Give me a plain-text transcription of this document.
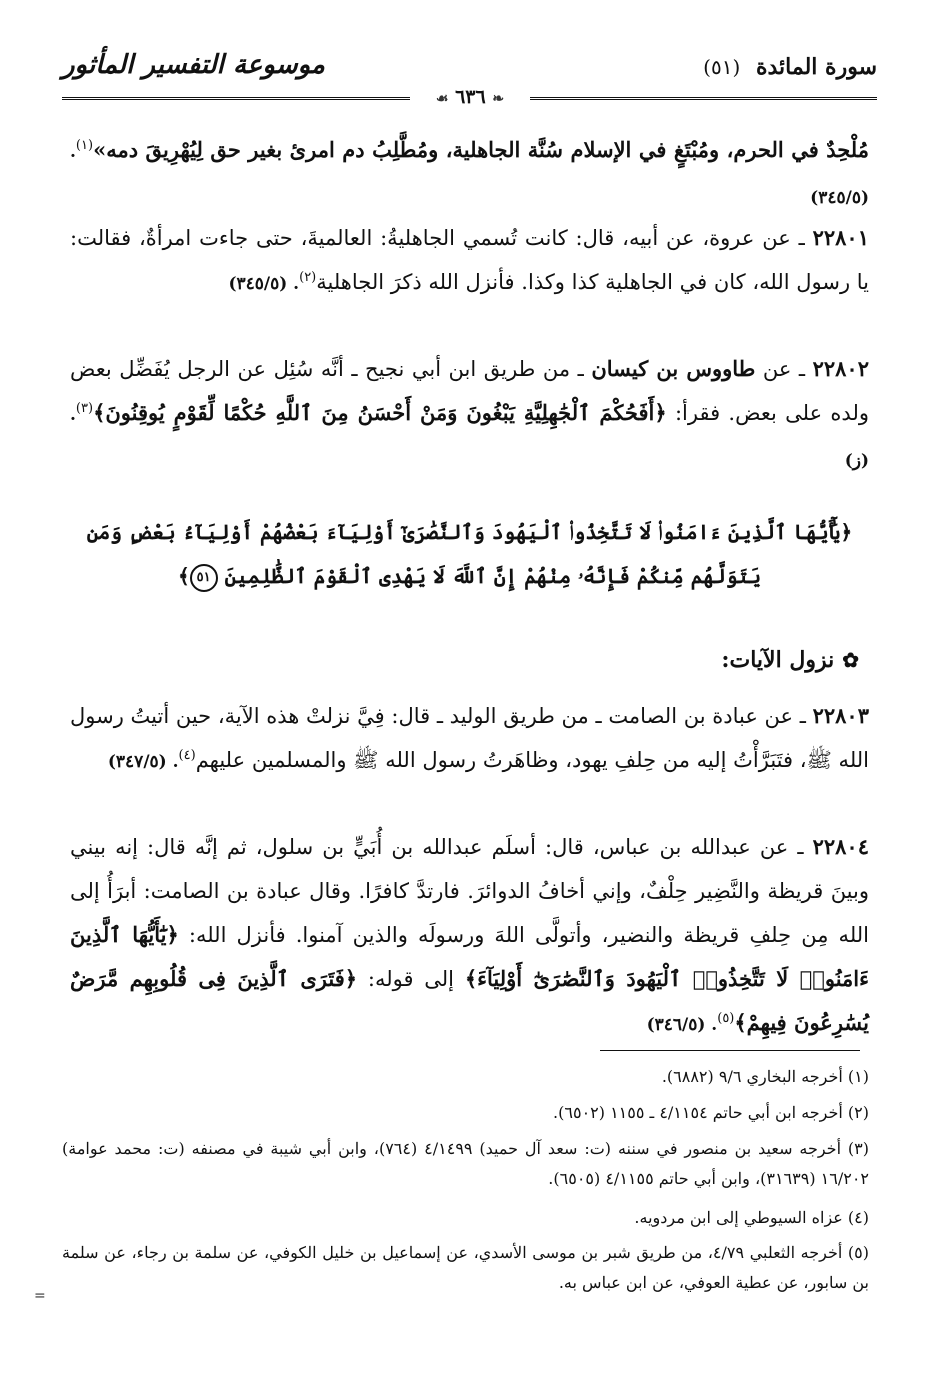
سورة المائدة (٥١)
موسوعة التفسير المأثور
❧ ٦٣٦ ☙
مُلْحِدٌ في الحرم، ومُبْتَغٍ في الإسلام سُنَّة الجاهلية، ومُطَّلِبُ دم امرئ بغير حق لِيُهْرِيقَ دمه»$^{(١)}$. (٣٤٥/٥)
٢٢٨٠١ ـ عن عروة، عن أبيه، قال: كانت تُسمي الجاهليةُ: العالميةَ، حتى جاءت امرأةٌ، فقالت: يا رسول الله، كان في الجاهلية كذا وكذا. فأنزل الله ذكرَ الجاهلية$^{(٢)}$. (٣٤٥/٥)
٢٢٨٠٢ ـ عن طاووس بن كيسان ـ من طريق ابن أبي نجيح ـ أنَّه سُئِل عن الرجل يُفَضِّل بعض ولده على بعض. فقرأ: ﴿أَفَحُكْمَ ٱلْجَٰهِلِيَّةِ يَبْغُونَ وَمَنْ أَحْسَنُ مِنَ ٱللَّهِ حُكْمًا لِّقَوْمٍ يُوقِنُونَ﴾$^{(٣)}$. (ز)
﴿يَٰٓأَيُّهَا ٱلَّذِينَ ءَامَنُوا۟ لَا تَتَّخِذُوا۟ ٱلْيَهُودَ وَٱلنَّصَٰرَىٰٓ أَوْلِيَآءَ بَعْضُهُمْ أَوْلِيَآءُ بَعْضٍ وَمَن يَتَوَلَّهُم مِّنكُمْ فَإِنَّهُۥ مِنْهُمْ إِنَّ ٱللَّهَ لَا يَهْدِى ٱلْقَوْمَ ٱلظَّٰلِمِينَ ٥١﴾
✿نزول الآيات:
٢٢٨٠٣ ـ عن عبادة بن الصامت ـ من طريق الوليد ـ قال: فِيَّ نزلتْ هذه الآية، حين أتيتُ رسول الله ﷺ، فتَبَرَّأْتُ إليه من حِلفِ يهود، وظاهَرتُ رسول الله ﷺ والمسلمين عليهم$^{(٤)}$. (٣٤٧/٥)
٢٢٨٠٤ ـ عن عبدالله بن عباس، قال: أسلَم عبدالله بن أُبَيٍّ بن سلول، ثم إنَّه قال: إنه بيني وبينَ قريظة والنَّضِير حِلْفٌ، وإني أخافُ الدوائرَ. فارتدَّ كافرًا. وقال عبادة بن الصامت: أبرَأُ إلى الله مِن حِلفِ قريظة والنضير، وأتولَّى اللهَ ورسولَه والذين آمنوا. فأنزل الله: ﴿يَٰٓأَيُّهَا ٱلَّذِينَ ءَامَنُوا۟ لَا تَتَّخِذُوا۟ ٱلْيَهُودَ وَٱلنَّصَٰرَىٰٓ أَوْلِيَآءَ﴾ إلى قوله: ﴿فَتَرَى ٱلَّذِينَ فِى قُلُوبِهِم مَّرَضٌ يُسَٰرِعُونَ فِيهِمْ﴾$^{(٥)}$. (٣٤٦/٥)
(١) أخرجه البخاري ٩/٦ (٦٨٨٢).
(٢) أخرجه ابن أبي حاتم ٤/١١٥٤ ـ ١١٥٥ (٦٥٠٢).
(٣) أخرجه سعيد بن منصور في سننه (ت: سعد آل حميد) ٤/١٤٩٩ (٧٦٤)، وابن أبي شيبة في مصنفه (ت: محمد عوامة) ١٦/٢٠٢ (٣١٦٣٩)، وابن أبي حاتم ٤/١١٥٥ (٦٥٠٥).
(٤) عزاه السيوطي إلى ابن مردويه.
(٥) أخرجه الثعلبي ٤/٧٩، من طريق شبر بن موسى الأسدي، عن إسماعيل بن خليل الكوفي، عن سلمة بن رجاء، عن سلمة بن سابور، عن عطية العوفي، عن ابن عباس به.
=
